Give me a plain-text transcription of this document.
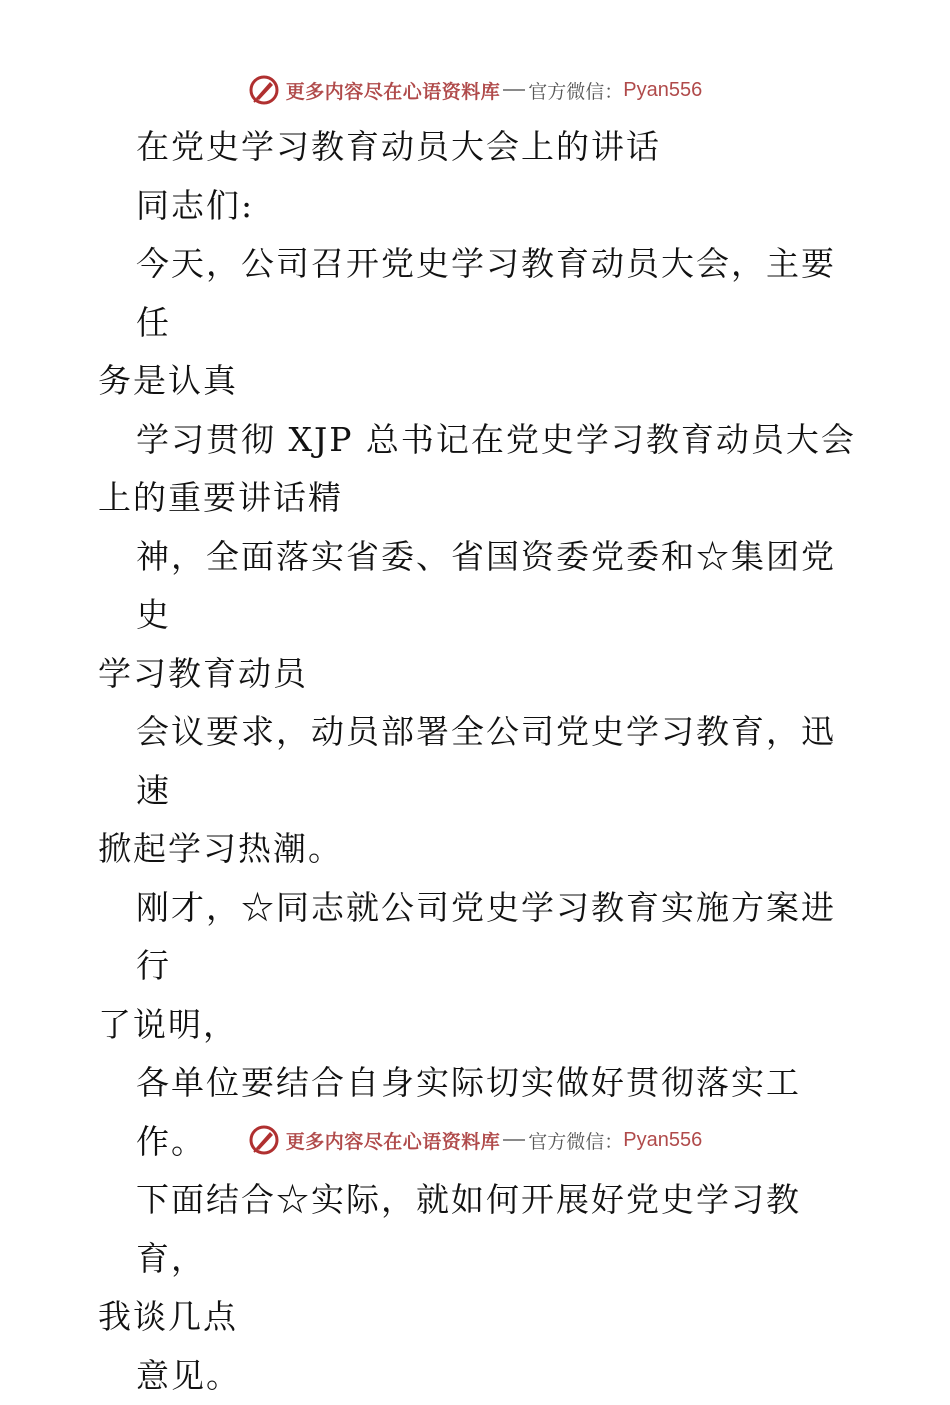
更多内容尽在心语资料库 官方微信： Pyan556

在党史学习教育动员大会上的讲话

同志们:

今天，公司召开党史学习教育动员大会，主要任

务是认真

学习贯彻 XJP 总书记在党史学习教育动员大会

上的重要讲话精

神，全面落实省委、省国资委党委和☆集团党史

学习教育动员

会议要求，动员部署全公司党史学习教育，迅速

掀起学习热潮。

刚才，☆同志就公司党史学习教育实施方案进行

了说明，

各单位要结合自身实际切实做好贯彻落实工作。

下面结合☆实际，就如何开展好党史学习教育，

我谈几点

意见。

更多内容尽在心语资料库 官方微信： Pyan556
